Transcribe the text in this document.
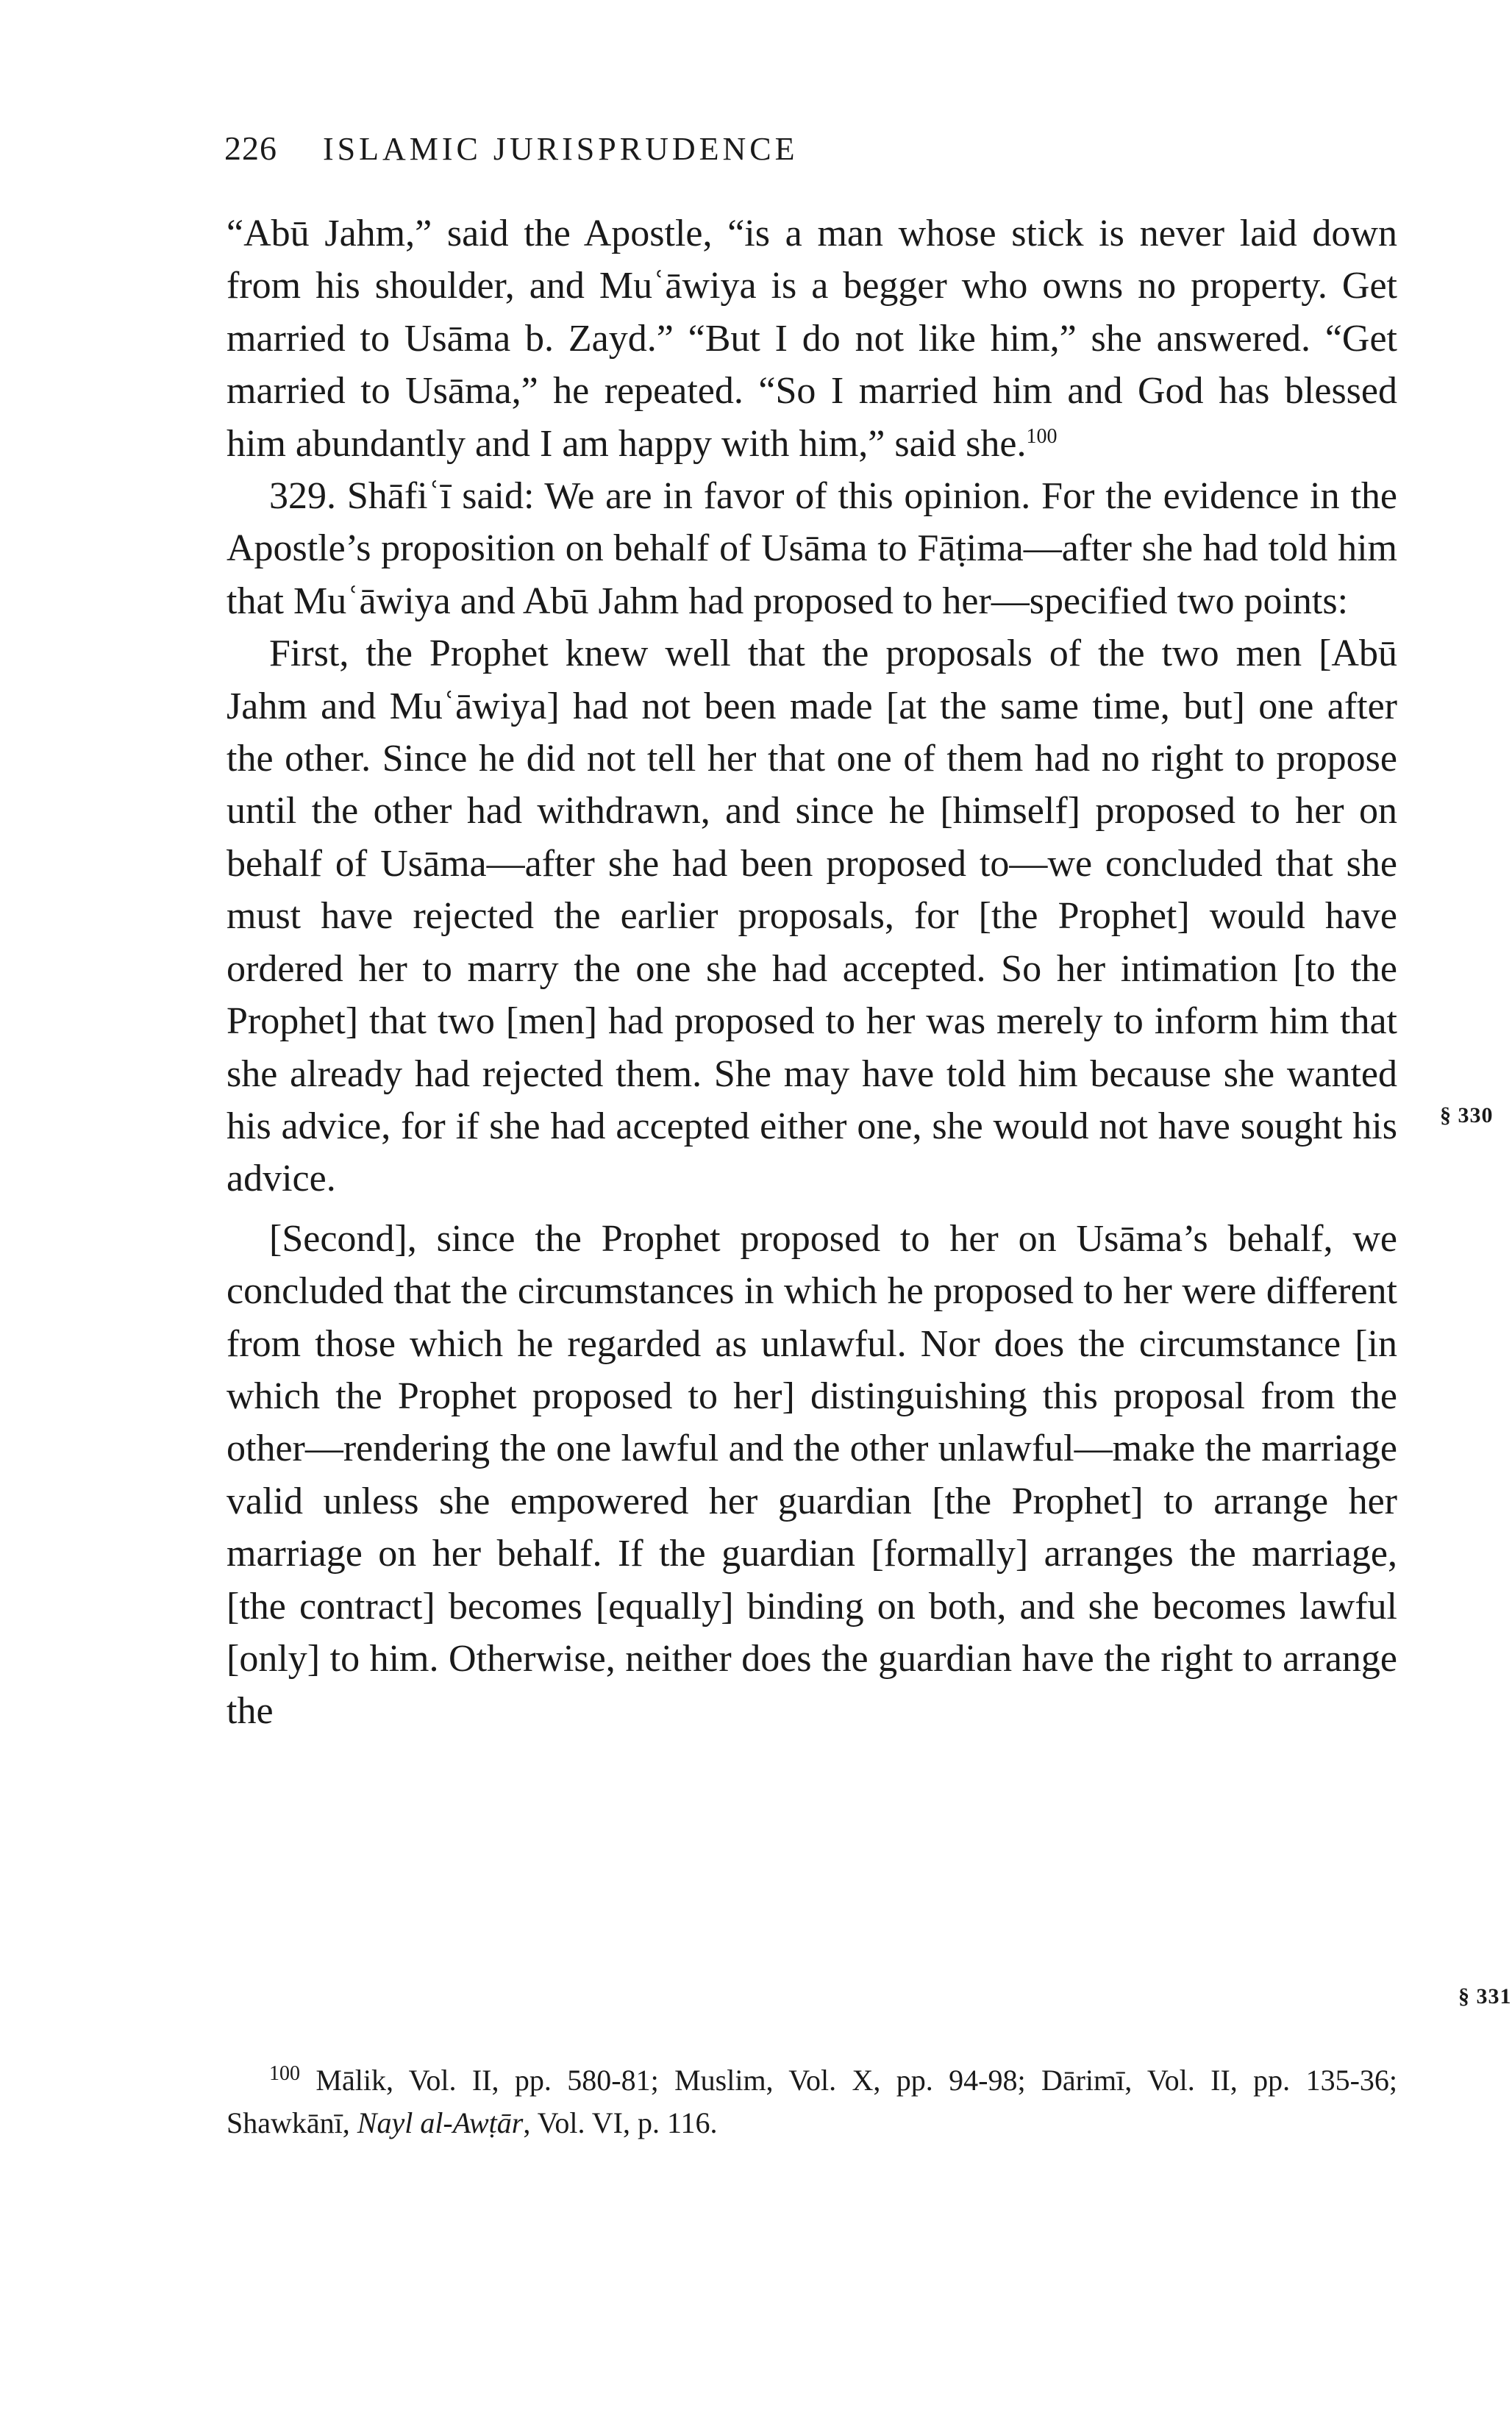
226 ISLAMIC JURISPRUDENCE

“Abū Jahm,” said the Apostle, “is a man whose stick is never laid down from his shoulder, and Muʿāwiya is a begger who owns no property. Get married to Usāma b. Zayd.” “But I do not like him,” she answered. “Get married to Usāma,” he repeated. “So I married him and God has blessed him abundantly and I am happy with him,” said she.$^{100}$

329. Shāfiʿī said: We are in favor of this opinion. For the evidence in the Apostle’s proposition on behalf of Usāma to Fāṭima—after she had told him that Muʿāwiya and Abū Jahm had proposed to her—specified two points:

First, the Prophet knew well that the proposals of the two men [Abū Jahm and Muʿāwiya] had not been made [at the same time, but] one after the other. Since he did not tell her that one of them had no right to propose until the other had withdrawn, and since he [himself] proposed to her on behalf of Usāma—after she had been proposed to—we concluded that she must have rejected the earlier proposals, for [the Prophet] would have ordered her to marry the one she had accepted. So her intimation [to the Prophet] that two [men] had proposed to her was merely to inform him that she already had rejected them. She may have told him because she wanted his advice, for if she had accepted either one, she would not have sought his advice.

[Second], since the Prophet proposed to her on Usāma’s behalf, we concluded that the circumstances in which he proposed to her were different from those which he regarded as unlawful. Nor does the circumstance [in which the Prophet proposed to her] distinguishing this proposal from the other—rendering the one lawful and the other unlawful—make the marriage valid unless she empowered her guardian [the Prophet] to arrange her marriage on her behalf. If the guardian [formally] arranges the marriage, [the contract] becomes [equally] binding on both, and she becomes lawful [only] to him. Otherwise, neither does the guardian have the right to arrange the

§ 330
§ 331

$^{100}$ Mālik, Vol. II, pp. 580-81; Muslim, Vol. X, pp. 94-98; Dārimī, Vol. II, pp. 135-36; Shawkānī, Nayl al-Awṭār, Vol. VI, p. 116.
